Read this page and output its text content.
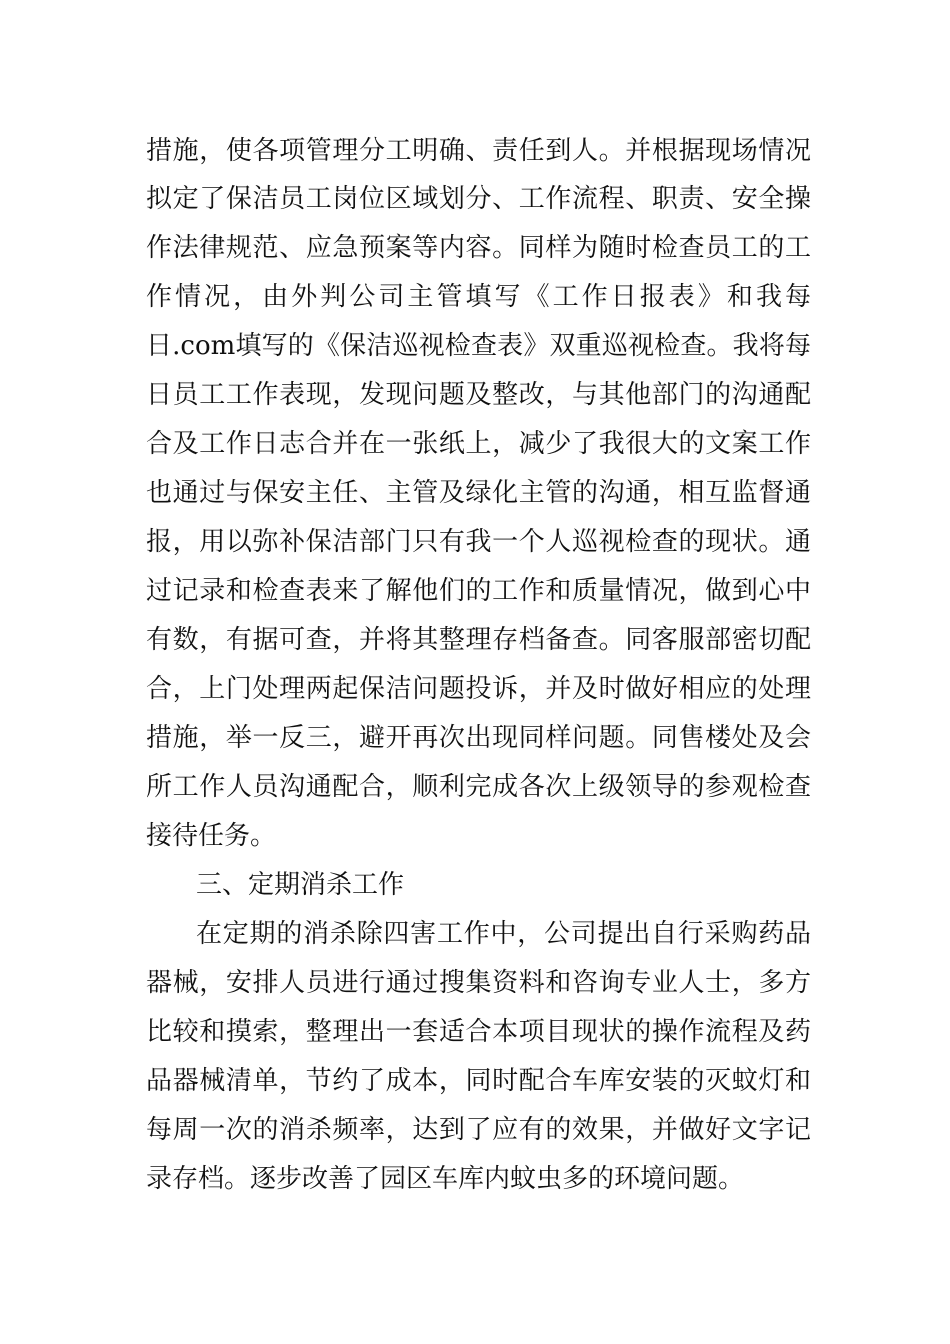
措施，使各项管理分工明确、责任到人。并根据现场情况
拟定了保洁员工岗位区域划分、工作流程、职责、安全操
作法律规范、应急预案等内容。同样为随时检查员工的工
作情况，由外判公司主管填写《工作日报表》和我每
日.com填写的《保洁巡视检查表》双重巡视检查。我将每
日员工工作表现，发现问题及整改，与其他部门的沟通配
合及工作日志合并在一张纸上，减少了我很大的文案工作
也通过与保安主任、主管及绿化主管的沟通，相互监督通
报，用以弥补保洁部门只有我一个人巡视检查的现状。通
过记录和检查表来了解他们的工作和质量情况，做到心中
有数，有据可查，并将其整理存档备查。同客服部密切配
合，上门处理两起保洁问题投诉，并及时做好相应的处理
措施，举一反三，避开再次出现同样问题。同售楼处及会
所工作人员沟通配合，顺利完成各次上级领导的参观检查
接待任务。
三、定期消杀工作
在定期的消杀除四害工作中，公司提出自行采购药品
器械，安排人员进行通过搜集资料和咨询专业人士，多方
比较和摸索，整理出一套适合本项目现状的操作流程及药
品器械清单，节约了成本，同时配合车库安装的灭蚊灯和
每周一次的消杀频率，达到了应有的效果，并做好文字记
录存档。逐步改善了园区车库内蚊虫多的环境问题。
